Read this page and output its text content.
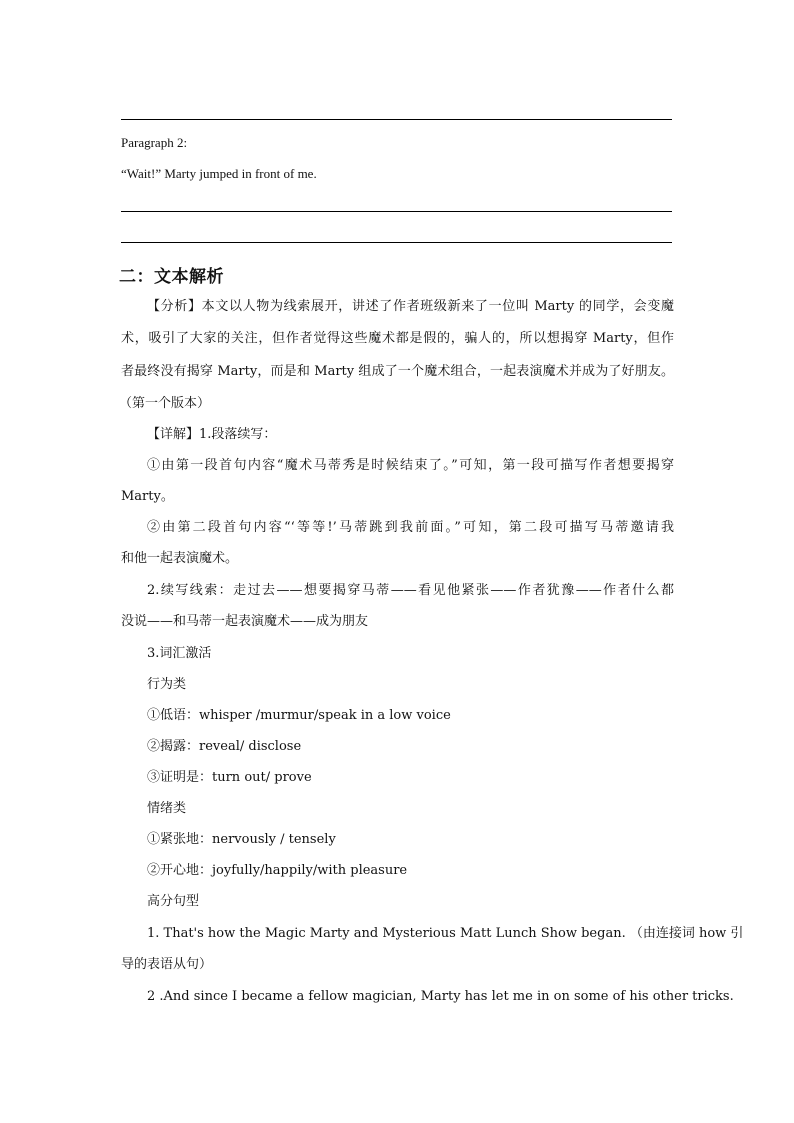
Paragraph 2:
“Wait!” Marty jumped in front of me.
二：文本解析
【分析】本文以人物为线索展开，讲述了作者班级新来了一位叫 Marty 的同学，会变魔
术，吸引了大家的关注，但作者觉得这些魔术都是假的，骗人的，所以想揭穿 Marty，但作
者最终没有揭穿 Marty，而是和 Marty 组成了一个魔术组合，一起表演魔术并成为了好朋友。
（第一个版本）
【详解】1.段落续写：
①由第一段首句内容“魔术马蒂秀是时候结束了。”可知，第一段可描写作者想要揭穿
Marty。
②由第二段首句内容“‘等等!’马蒂跳到我前面。”可知，第二段可描写马蒂邀请我
和他一起表演魔术。
2.续写线索：走过去——想要揭穿马蒂——看见他紧张——作者犹豫——作者什么都
没说——和马蒂一起表演魔术——成为朋友
3.词汇激活
行为类
①低语：whisper /murmur/speak in a low voice
②揭露：reveal/ disclose
③证明是：turn out/ prove
情绪类
①紧张地：nervously / tensely
②开心地：joyfully/happily/with pleasure
高分句型
1. That's how the Magic Marty and Mysterious Matt Lunch Show began. （由连接词 how 引
导的表语从句）
2 .And since I became a fellow magician, Marty has let me in on some of his other tricks.
